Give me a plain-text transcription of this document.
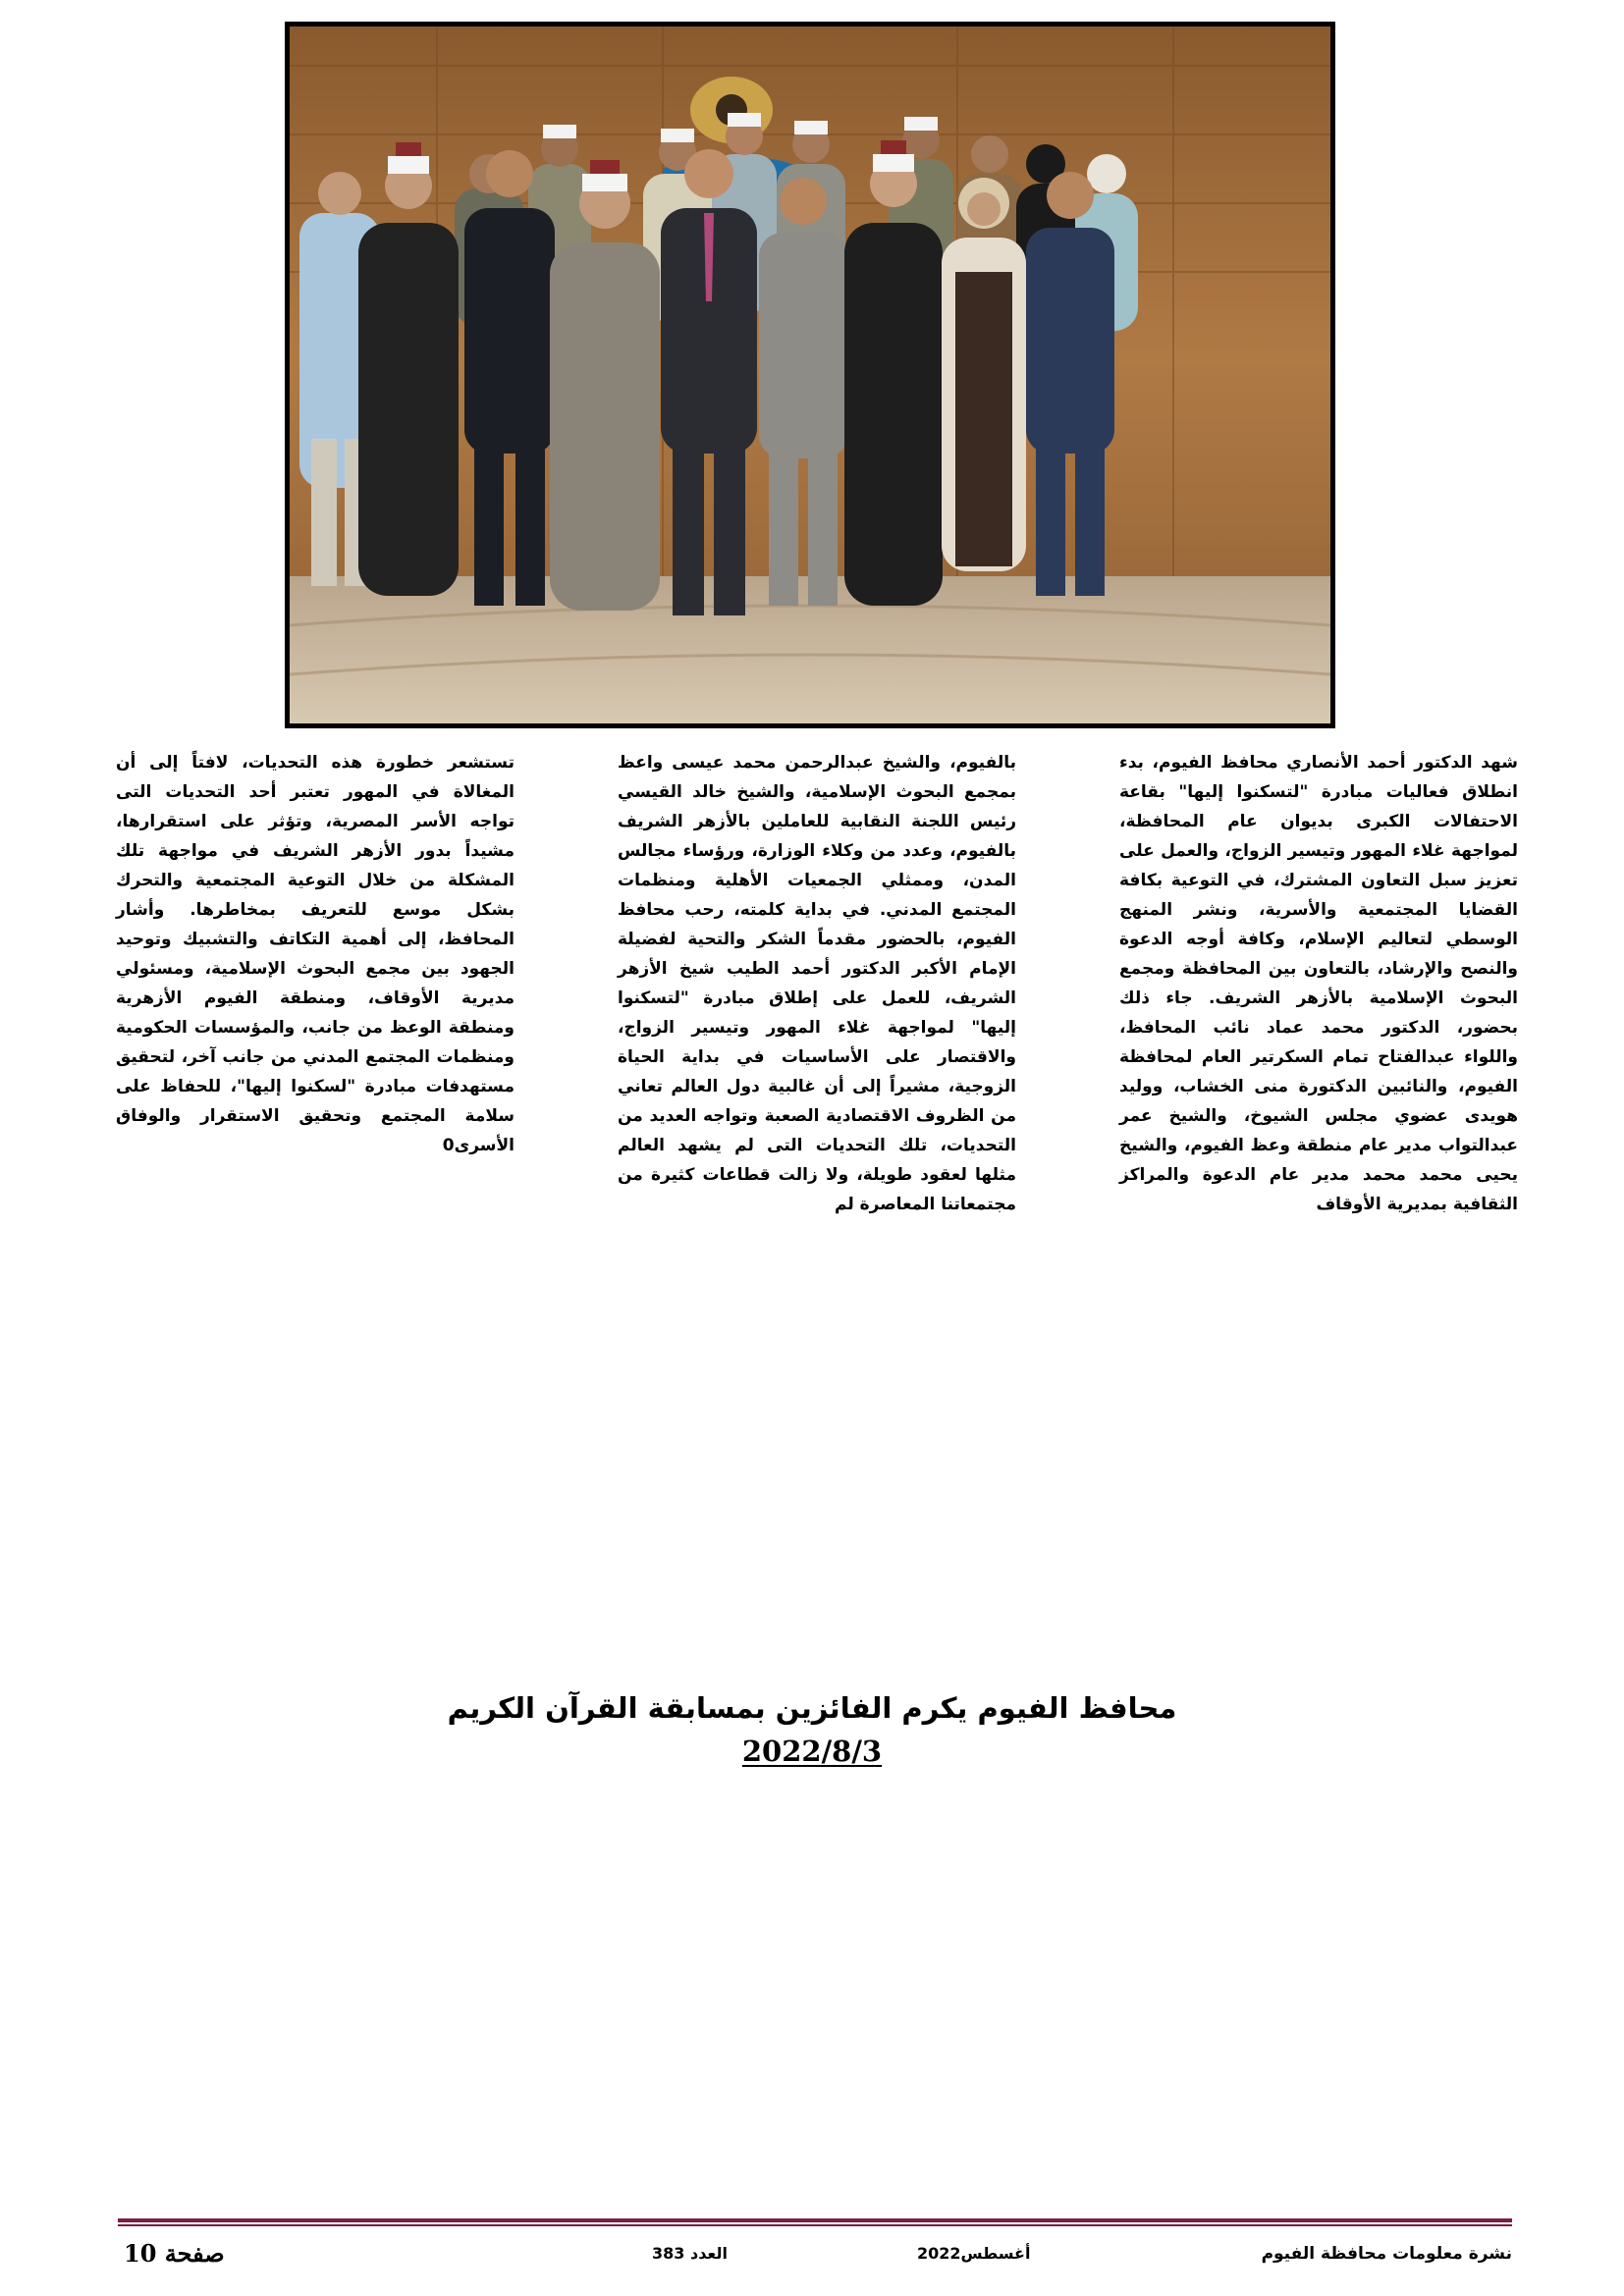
شهد الدكتور أحمد الأنصاري محافظ الفيوم، بدء انطلاق فعاليات مبادرة "لتسكنوا إليها" بقاعة الاحتفالات الكبرى بديوان عام المحافظة، لمواجهة غلاء المهور وتيسير الزواج، والعمل على تعزيز سبل التعاون المشترك، في التوعية بكافة القضايا المجتمعية والأسرية، ونشر المنهج الوسطي لتعاليم الإسلام، وكافة أوجه الدعوة والنصح والإرشاد، بالتعاون بين المحافظة ومجمع البحوث الإسلامية بالأزهر الشريف. جاء ذلك بحضور، الدكتور محمد عماد نائب المحافظ، واللواء عبدالفتاح تمام السكرتير العام لمحافظة الفيوم، والنائبين الدكتورة منى الخشاب، ووليد هويدى عضوي مجلس الشيوخ، والشيخ عمر عبدالتواب مدير عام منطقة وعظ الفيوم، والشيخ يحيى محمد محمد مدير عام الدعوة والمراكز الثقافية بمديرية الأوقاف

بالفيوم، والشيخ عبدالرحمن محمد عيسى واعظ بمجمع البحوث الإسلامية، والشيخ خالد القيسي رئيس اللجنة النقابية للعاملين بالأزهر الشريف بالفيوم، وعدد من وكلاء الوزارة، ورؤساء مجالس المدن، وممثلي الجمعيات الأهلية ومنظمات المجتمع المدني. في بداية كلمته، رحب محافظ الفيوم، بالحضور مقدماً الشكر والتحية لفضيلة الإمام الأكبر الدكتور أحمد الطيب شيخ الأزهر الشريف، للعمل على إطلاق مبادرة "لتسكنوا إليها" لمواجهة غلاء المهور وتيسير الزواج، والاقتصار على الأساسيات في بداية الحياة الزوجية، مشيراً إلى أن غالبية دول العالم تعاني من الظروف الاقتصادية الصعبة وتواجه العديد من التحديات، تلك التحديات التى لم يشهد العالم مثلها لعقود طويلة، ولا زالت قطاعات كثيرة من مجتمعاتنا المعاصرة لم

تستشعر خطورة هذه التحديات، لافتاً إلى أن المغالاة في المهور تعتبر أحد التحديات التى تواجه الأسر المصرية، وتؤثر على استقرارها، مشيداً بدور الأزهر الشريف في مواجهة تلك المشكلة من خلال التوعية المجتمعية والتحرك بشكل موسع للتعريف بمخاطرها. وأشار المحافظ، إلى أهمية التكاتف والتشبيك وتوحيد الجهود بين مجمع البحوث الإسلامية، ومسئولي مديرية الأوقاف، ومنطقة الفيوم الأزهرية ومنطقة الوعظ من جانب، والمؤسسات الحكومية ومنظمات المجتمع المدني من جانب آخر، لتحقيق مستهدفات مبادرة "لسكنوا إليها"، للحفاظ على سلامة المجتمع وتحقيق الاستقرار والوفاق الأسرى0

محافظ الفيوم يكرم الفائزين بمسابقة القرآن الكريم
2022/8/3
نشرة معلومات محافظة الفيوم
أغسطس2022
العدد 383
صفحة 10
